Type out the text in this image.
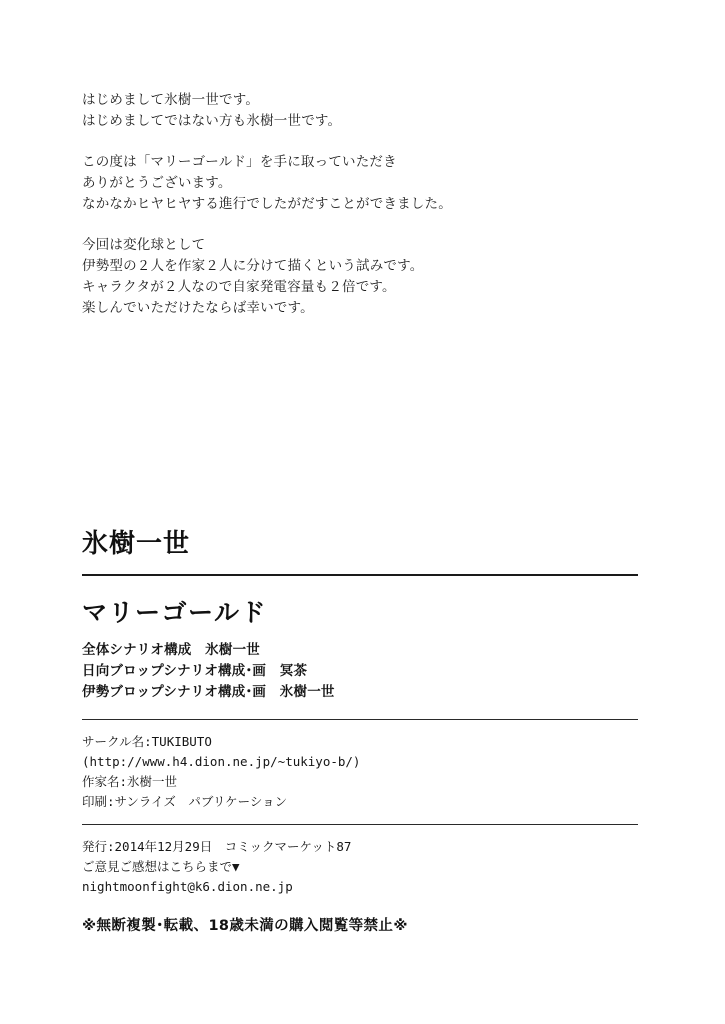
はじめまして氷樹一世です。
はじめましてではない方も氷樹一世です。
この度は「マリーゴールド」を手に取っていただき
ありがとうございます。
なかなかヒヤヒヤする進行でしたがだすことができました。
今回は変化球として
伊勢型の２人を作家２人に分けて描くという試みです。
キャラクタが２人なので自家発電容量も２倍です。
楽しんでいただけたならば幸いです。
氷樹一世
マリーゴールド
全体シナリオ構成　氷樹一世
日向ブロップシナリオ構成･画　冥茶
伊勢ブロップシナリオ構成･画　氷樹一世
サークル名:TUKIBUTO
(http://www.h4.dion.ne.jp/~tukiyo-b/)
作家名:氷樹一世
印刷:サンライズ　パブリケーション
発行:2014年12月29日　コミックマーケット87
ご意見ご感想はこちらまで▼
nightmoonfight@k6.dion.ne.jp
※無断複製･転載、18歳未満の購入閲覧等禁止※
